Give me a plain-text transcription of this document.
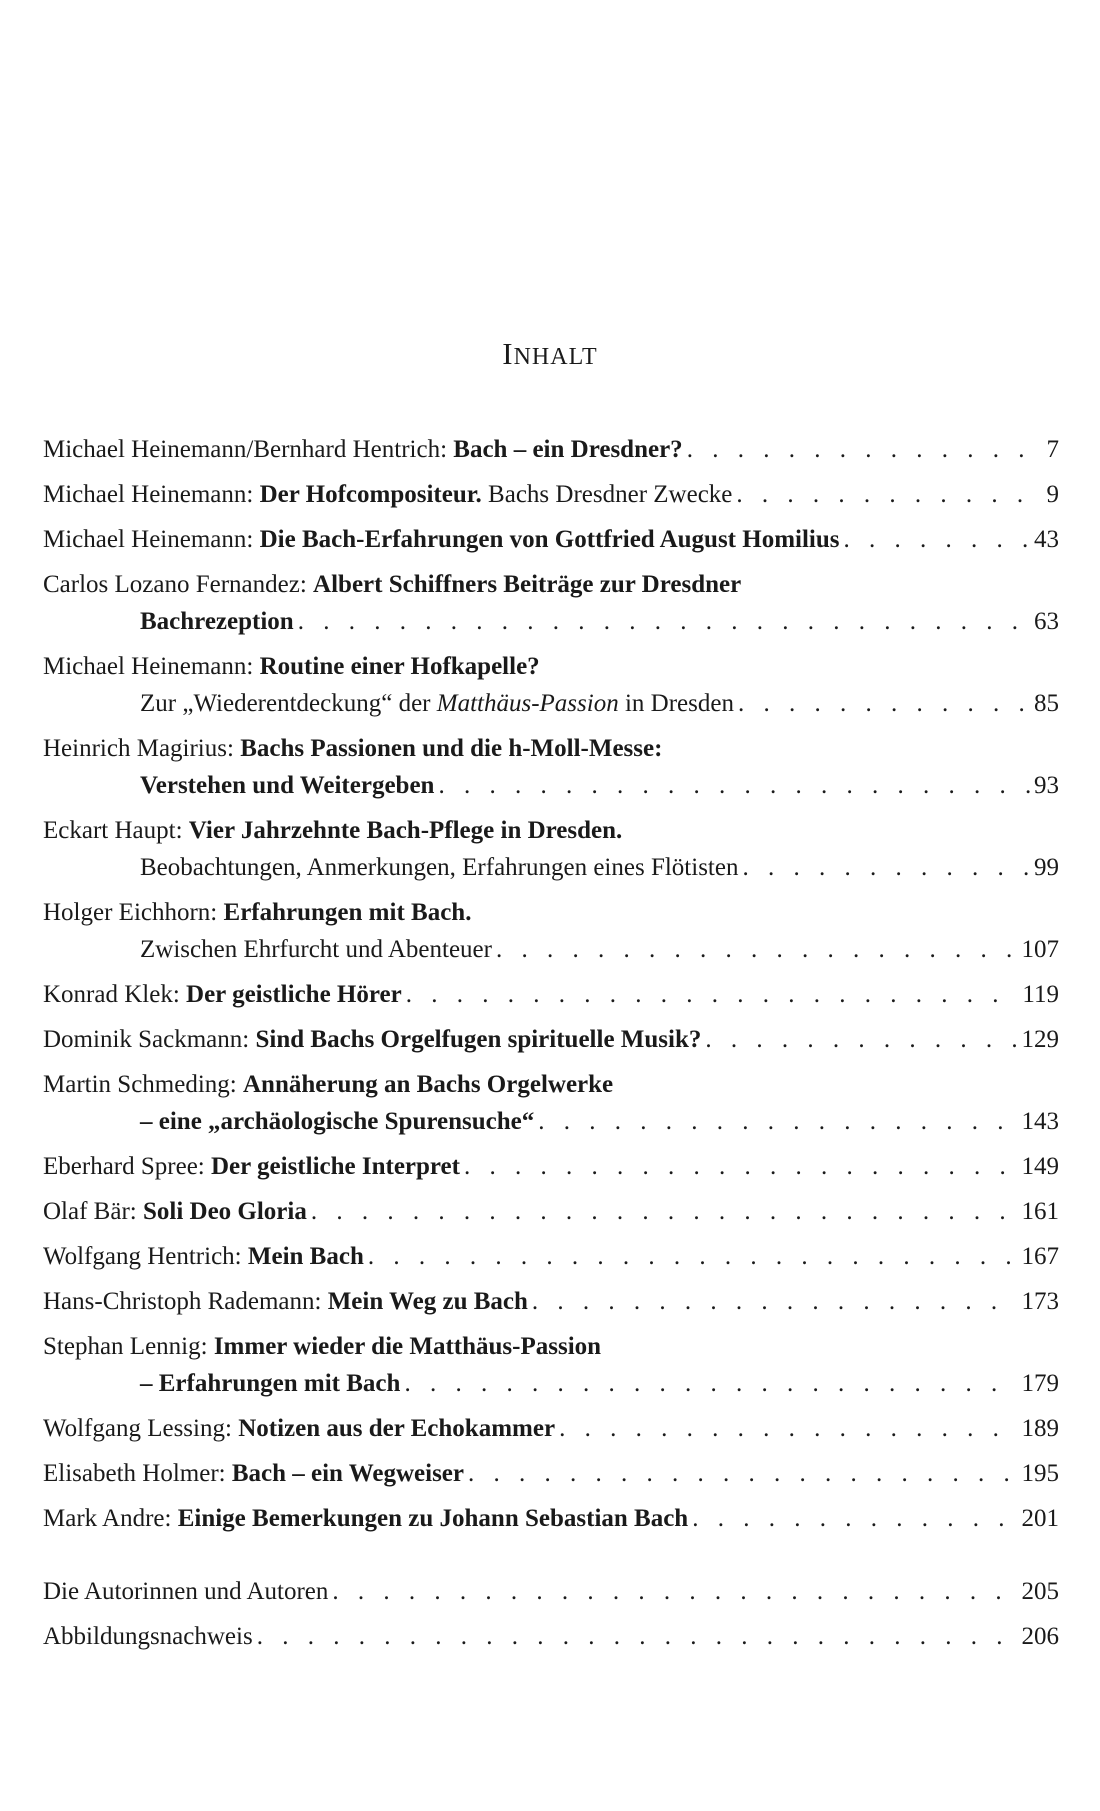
INHALT
Michael Heinemann/Bernhard Hentrich: Bach – ein Dresdner? . . .	7
Michael Heinemann: Der Hofcompositeur. Bachs Dresdner Zwecke . . .	9
Michael Heinemann: Die Bach-Erfahrungen von Gottfried August Homilius . . .	43
Carlos Lozano Fernandez: Albert Schiffners Beiträge zur Dresdner
Bachrezeption . . .	63
Michael Heinemann: Routine einer Hofkapelle?
Zur „Wiederentdeckung“ der Matthäus-Passion in Dresden . . .	85
Heinrich Magirius: Bachs Passionen und die h-Moll-Messe:
Verstehen und Weitergeben . . .	93
Eckart Haupt: Vier Jahrzehnte Bach-Pflege in Dresden.
Beobachtungen, Anmerkungen, Erfahrungen eines Flötisten . . .	99
Holger Eichhorn: Erfahrungen mit Bach.
Zwischen Ehrfurcht und Abenteuer . . .	107
Konrad Klek: Der geistliche Hörer . . .	119
Dominik Sackmann: Sind Bachs Orgelfugen spirituelle Musik? . . .	129
Martin Schmeding: Annäherung an Bachs Orgelwerke
– eine „archäologische Spurensuche“ . . .	143
Eberhard Spree: Der geistliche Interpret . . .	149
Olaf Bär: Soli Deo Gloria . . .	161
Wolfgang Hentrich: Mein Bach . . .	167
Hans-Christoph Rademann: Mein Weg zu Bach . . .	173
Stephan Lennig: Immer wieder die Matthäus-Passion
– Erfahrungen mit Bach . . .	179
Wolfgang Lessing: Notizen aus der Echokammer . . .	189
Elisabeth Holmer: Bach – ein Wegweiser . . .	195
Mark Andre: Einige Bemerkungen zu Johann Sebastian Bach . . .	201
Die Autorinnen und Autoren . . .	205
Abbildungsnachweis . . .	206
